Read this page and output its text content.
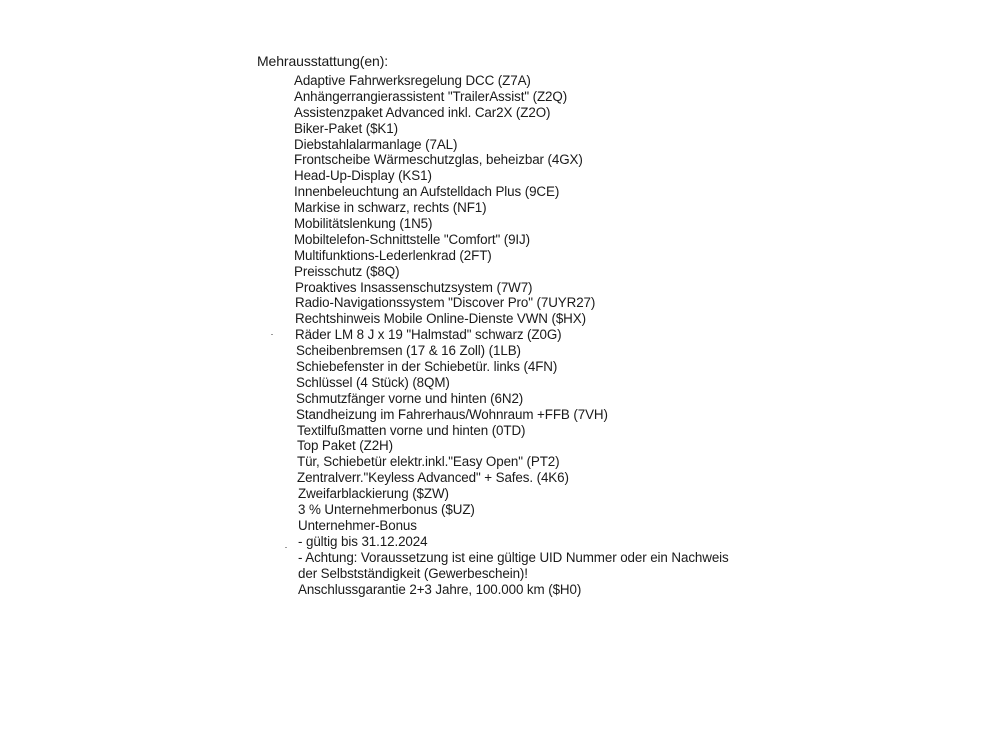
Mehrausstattung(en):
Adaptive Fahrwerksregelung DCC (Z7A)
Anhängerrangierassistent "TrailerAssist" (Z2Q)
Assistenzpaket Advanced inkl. Car2X (Z2O)
Biker-Paket ($K1)
Diebstahlalarmanlage (7AL)
Frontscheibe Wärmeschutzglas, beheizbar (4GX)
Head-Up-Display (KS1)
Innenbeleuchtung an Aufstelldach Plus (9CE)
Markise in schwarz, rechts (NF1)
Mobilitätslenkung (1N5)
Mobiltelefon-Schnittstelle "Comfort" (9IJ)
Multifunktions-Lederlenkrad (2FT)
Preisschutz ($8Q)
Proaktives Insassenschutzsystem (7W7)
Radio-Navigationssystem "Discover Pro" (7UYR27)
Rechtshinweis Mobile Online-Dienste VWN ($HX)
Räder LM 8 J x 19 "Halmstad" schwarz (Z0G)
Scheibenbremsen (17 & 16 Zoll) (1LB)
Schiebefenster in der Schiebetür. links (4FN)
Schlüssel (4 Stück) (8QM)
Schmutzfänger vorne und hinten (6N2)
Standheizung im Fahrerhaus/Wohnraum +FFB (7VH)
Textilfußmatten vorne und hinten (0TD)
Top Paket (Z2H)
Tür, Schiebetür elektr.inkl."Easy Open" (PT2)
Zentralverr."Keyless Advanced" + Safes. (4K6)
Zweifarblackierung ($ZW)
3 % Unternehmerbonus ($UZ)
Unternehmer-Bonus
- gültig bis 31.12.2024
- Achtung: Voraussetzung ist eine gültige UID Nummer oder ein Nachweis
der Selbstständigkeit (Gewerbeschein)!
Anschlussgarantie 2+3 Jahre, 100.000 km ($H0)
